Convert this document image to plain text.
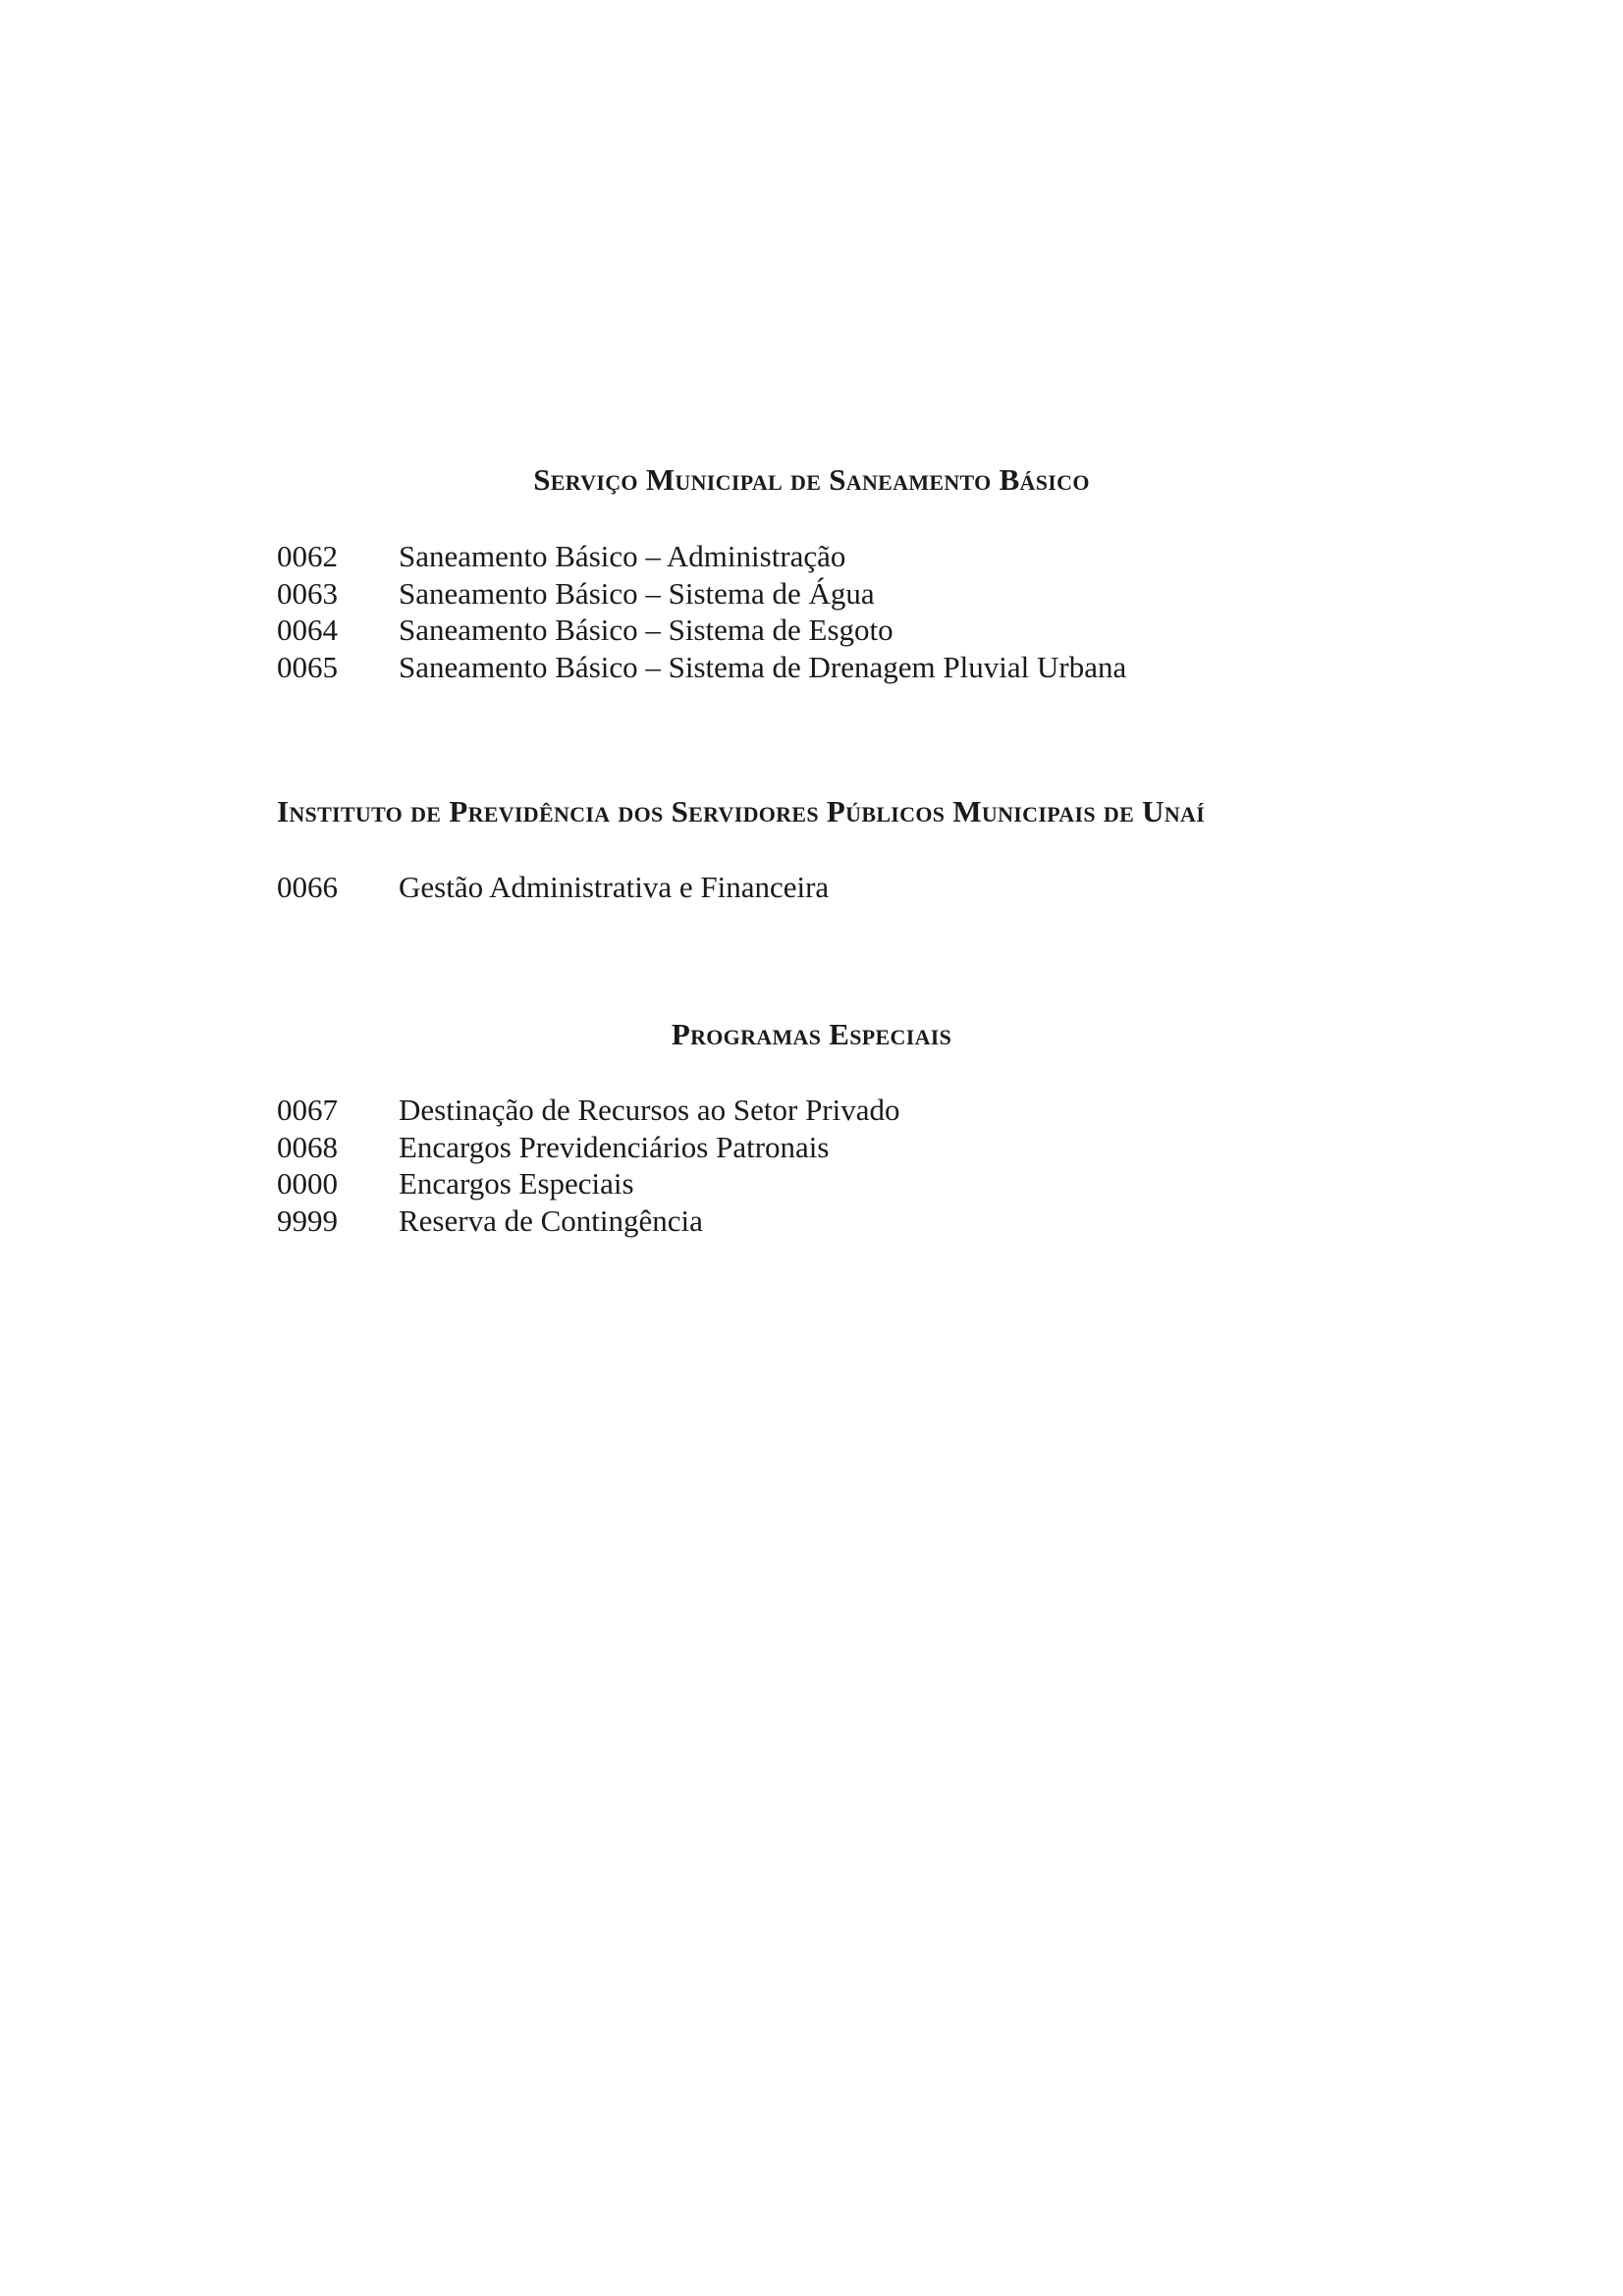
Serviço Municipal de Saneamento Básico
0062	Saneamento Básico – Administração
0063	Saneamento Básico – Sistema de Água
0064	Saneamento Básico – Sistema de Esgoto
0065	Saneamento Básico – Sistema de Drenagem Pluvial Urbana
Instituto de Previdência dos Servidores Públicos Municipais de Unaí
0066	Gestão Administrativa e Financeira
Programas Especiais
0067	Destinação de Recursos ao Setor Privado
0068	Encargos Previdenciários Patronais
0000	Encargos Especiais
9999	Reserva de Contingência
